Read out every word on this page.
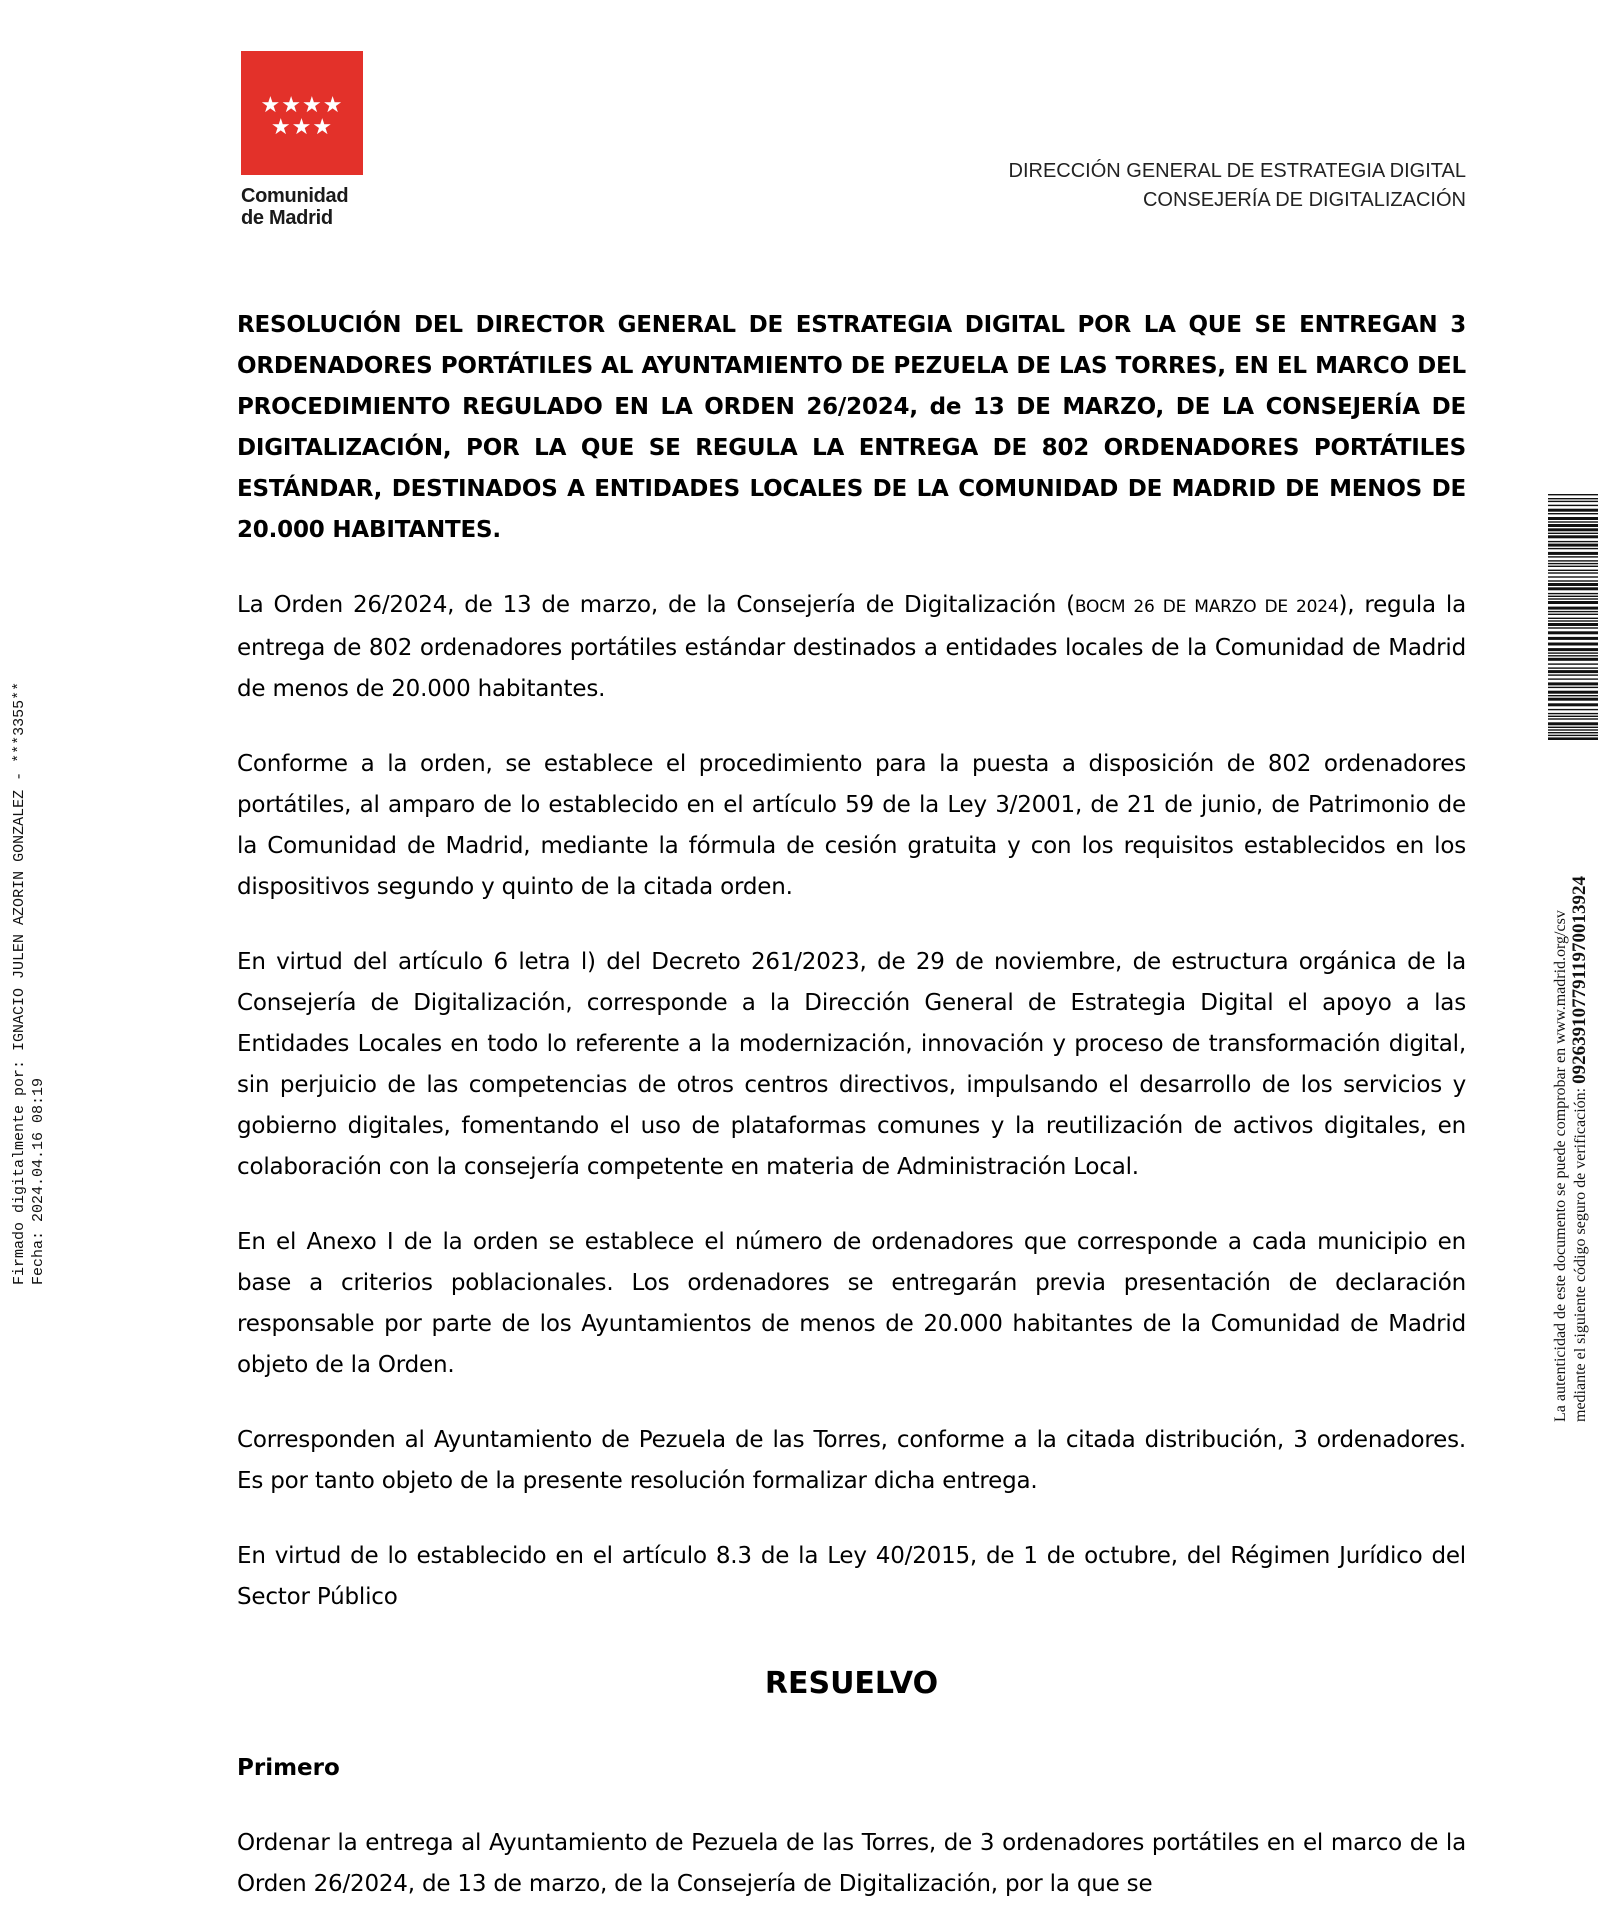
★★★★
★★★
Comunidad
de Madrid
DIRECCIÓN GENERAL DE ESTRATEGIA DIGITAL
CONSEJERÍA DE DIGITALIZACIÓN
Firmado digitalmente por: IGNACIO JULEN AZORIN GONZALEZ - ***3355** Fecha: 2024.04.16 08:19	La autenticidad de este documento se puede comprobar en www.madrid.org/csv mediante el siguiente código seguro de verificación: 0926391077911970013924

RESOLUCIÓN DEL DIRECTOR GENERAL DE ESTRATEGIA DIGITAL POR LA QUE SE ENTREGAN 3 ORDENADORES PORTÁTILES AL AYUNTAMIENTO DE PEZUELA DE LAS TORRES, EN EL MARCO DEL PROCEDIMIENTO REGULADO EN LA ORDEN 26/2024, de 13 DE MARZO, DE LA CONSEJERÍA DE DIGITALIZACIÓN, POR LA QUE SE REGULA LA ENTREGA DE 802 ORDENADORES PORTÁTILES ESTÁNDAR, DESTINADOS A ENTIDADES LOCALES DE LA COMUNIDAD DE MADRID DE MENOS DE 20.000 HABITANTES.

La Orden 26/2024, de 13 de marzo, de la Consejería de Digitalización (BOCM 26 DE MARZO DE 2024), regula la entrega de 802 ordenadores portátiles estándar destinados a entidades locales de la Comunidad de Madrid de menos de 20.000 habitantes.

Conforme a la orden, se establece el procedimiento para la puesta a disposición de 802 ordenadores portátiles, al amparo de lo establecido en el artículo 59 de la Ley 3/2001, de 21 de junio, de Patrimonio de la Comunidad de Madrid, mediante la fórmula de cesión gratuita y con los requisitos establecidos en los dispositivos segundo y quinto de la citada orden.

En virtud del artículo 6 letra l) del Decreto 261/2023, de 29 de noviembre, de estructura orgánica de la Consejería de Digitalización, corresponde a la Dirección General de Estrategia Digital el apoyo a las Entidades Locales en todo lo referente a la modernización, innovación y proceso de transformación digital, sin perjuicio de las competencias de otros centros directivos, impulsando el desarrollo de los servicios y gobierno digitales, fomentando el uso de plataformas comunes y la reutilización de activos digitales, en colaboración con la consejería competente en materia de Administración Local.

En el Anexo I de la orden se establece el número de ordenadores que corresponde a cada municipio en base a criterios poblacionales. Los ordenadores se entregarán previa presentación de declaración responsable por parte de los Ayuntamientos de menos de 20.000 habitantes de la Comunidad de Madrid objeto de la Orden.

Corresponden al Ayuntamiento de Pezuela de las Torres, conforme a la citada distribución, 3 ordenadores. Es por tanto objeto de la presente resolución formalizar dicha entrega.

En virtud de lo establecido en el artículo 8.3 de la Ley 40/2015, de 1 de octubre, del Régimen Jurídico del Sector Público

RESUELVO

Primero

Ordenar la entrega al Ayuntamiento de Pezuela de las Torres, de 3 ordenadores portátiles en el marco de la Orden 26/2024, de 13 de marzo, de la Consejería de Digitalización, por la que se
